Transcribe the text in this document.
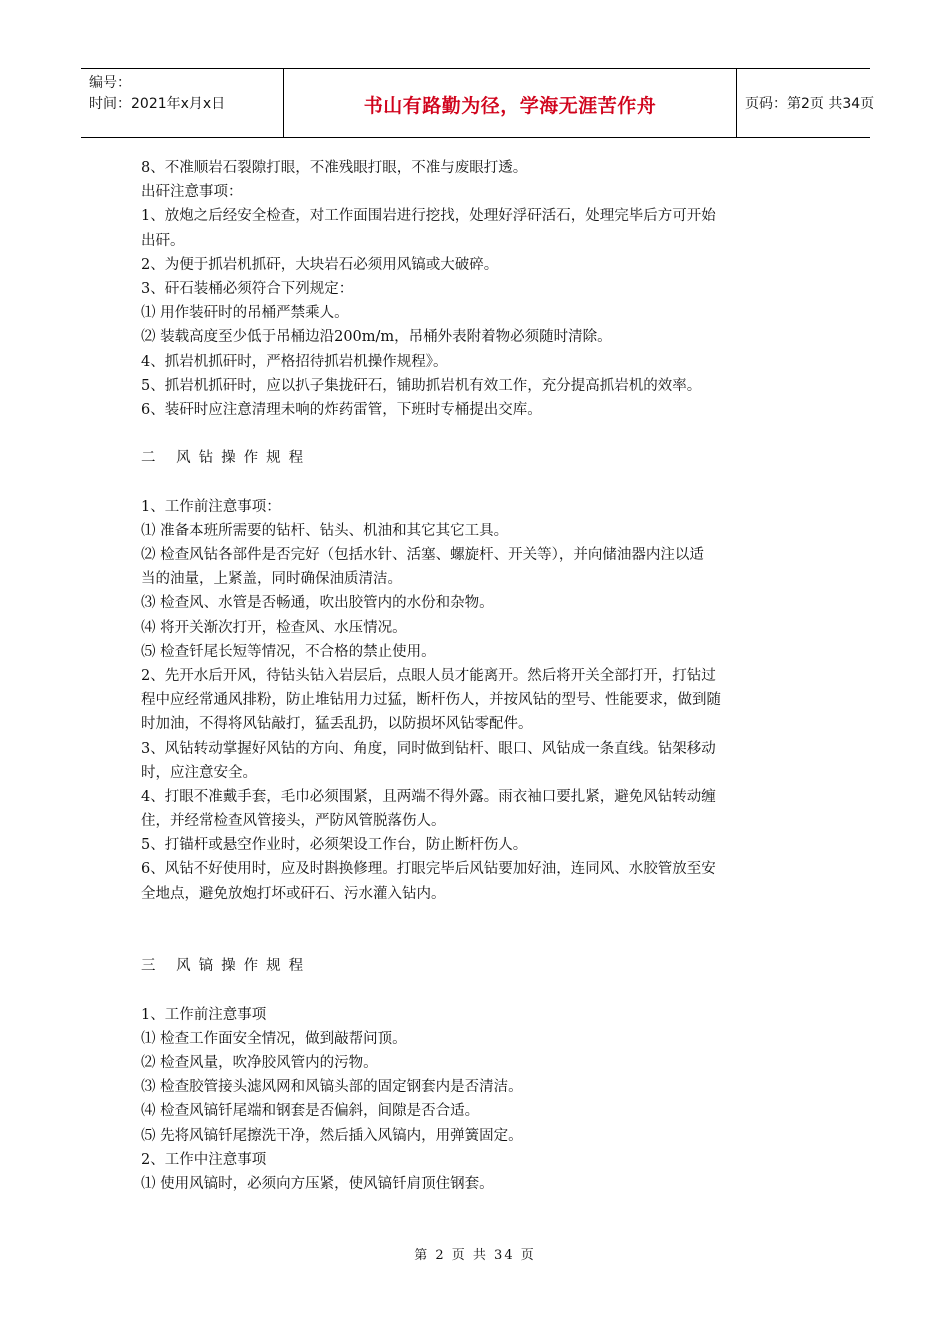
编号：
时间：2021年x月x日	书山有路勤为径，学海无涯苦作舟	页码：第2页 共34页
8、不准顺岩石裂隙打眼，不准残眼打眼，不准与废眼打透。
出矸注意事项：
1、放炮之后经安全检查，对工作面围岩进行挖找，处理好浮矸活石，处理完毕后方可开始
出矸。
2、为便于抓岩机抓矸，大块岩石必须用风镐或大破碎。
3、矸石装桶必须符合下列规定：
⑴ 用作装矸时的吊桶严禁乘人。
⑵ 装载高度至少低于吊桶边沿200m/m，吊桶外表附着物必须随时清除。
4、抓岩机抓矸时，严格招待抓岩机操作规程》。
5、抓岩机抓矸时，应以扒子集拢矸石，铺助抓岩机有效工作，充分提高抓岩机的效率。
6、装矸时应注意清理未响的炸药雷管，下班时专桶提出交库。
二 风钻操作规程
1、工作前注意事项：
⑴ 准备本班所需要的钻杆、钻头、机油和其它其它工具。
⑵ 检查风钻各部件是否完好（包括水针、活塞、螺旋杆、开关等），并向储油器内注以适
当的油量，上紧盖，同时确保油质清洁。
⑶ 检查风、水管是否畅通，吹出胶管内的水份和杂物。
⑷ 将开关渐次打开，检查风、水压情况。
⑸ 检查钎尾长短等情况，不合格的禁止使用。
2、先开水后开风，待钻头钻入岩层后，点眼人员才能离开。然后将开关全部打开，打钻过
程中应经常通风排粉，防止堆钻用力过猛，断杆伤人，并按风钻的型号、性能要求，做到随
时加油，不得将风钻敲打，猛丢乱扔，以防损坏风钻零配件。
3、风钻转动掌握好风钻的方向、角度，同时做到钻杆、眼口、风钻成一条直线。钻架移动
时，应注意安全。
4、打眼不准戴手套，毛巾必须围紧，且两端不得外露。雨衣袖口要扎紧，避免风钻转动缠
住，并经常检查风管接头，严防风管脱落伤人。
5、打锚杆或悬空作业时，必须架设工作台，防止断杆伤人。
6、风钻不好使用时，应及时斟换修理。打眼完毕后风钻要加好油，连同风、水胶管放至安
全地点，避免放炮打坏或矸石、污水灌入钻内。
三 风镐操作规程
1、工作前注意事项
⑴ 检查工作面安全情况，做到敲帮问顶。
⑵ 检查风量，吹净胶风管内的污物。
⑶ 检查胶管接头滤风网和风镐头部的固定钢套内是否清洁。
⑷ 检查风镐钎尾端和钢套是否偏斜，间隙是否合适。
⑸ 先将风镐钎尾擦洗干净，然后插入风镐内，用弹簧固定。
2、工作中注意事项
⑴ 使用风镐时，必须向方压紧，使风镐钎肩顶住钢套。
第 2 页 共 34 页
